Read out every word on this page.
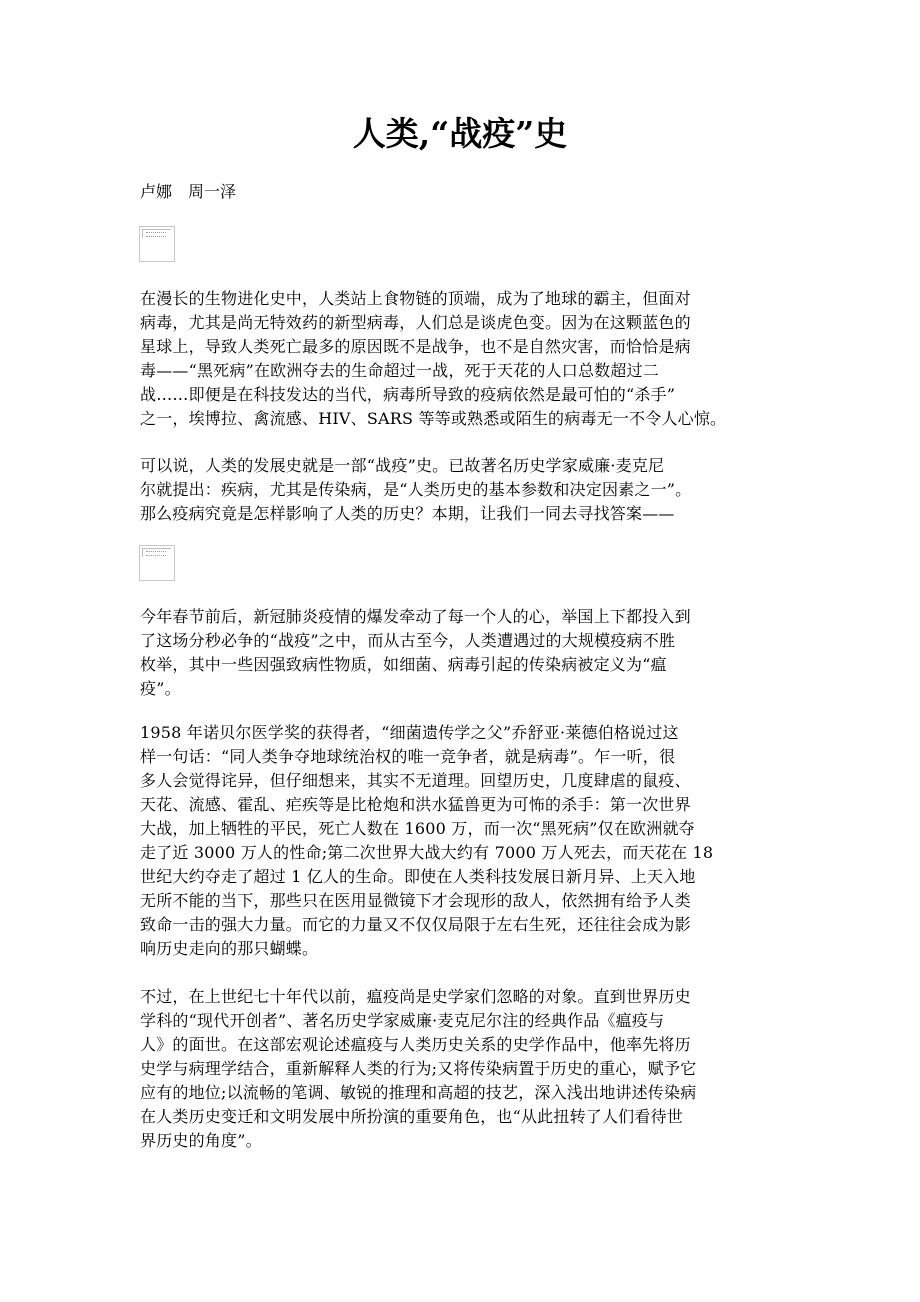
人类,“战疫”史

卢娜　周一泽

在漫长的生物进化史中，人类站上食物链的顶端，成为了地球的霸主，但面对
病毒，尤其是尚无特效药的新型病毒，人们总是谈虎色变。因为在这颗蓝色的
星球上，导致人类死亡最多的原因既不是战争，也不是自然灾害，而恰恰是病
毒——“黑死病”在欧洲夺去的生命超过一战，死于天花的人口总数超过二
战……即便是在科技发达的当代，病毒所导致的疫病依然是最可怕的“杀手”
之一，埃博拉、禽流感、HIV、SARS 等等或熟悉或陌生的病毒无一不令人心惊。
可以说，人类的发展史就是一部“战疫”史。已故著名历史学家威廉·麦克尼
尔就提出：疾病，尤其是传染病，是“人类历史的基本参数和决定因素之一”。
那么疫病究竟是怎样影响了人类的历史？本期，让我们一同去寻找答案——
今年春节前后，新冠肺炎疫情的爆发牵动了每一个人的心，举国上下都投入到
了这场分秒必争的“战疫”之中，而从古至今，人类遭遇过的大规模疫病不胜
枚举，其中一些因强致病性物质，如细菌、病毒引起的传染病被定义为“瘟
疫”。
1958 年诺贝尔医学奖的获得者，“细菌遗传学之父”乔舒亚·莱德伯格说过这
样一句话：“同人类争夺地球统治权的唯一竞争者，就是病毒”。乍一听，很
多人会觉得诧异，但仔细想来，其实不无道理。回望历史，几度肆虐的鼠疫、
天花、流感、霍乱、疟疾等是比枪炮和洪水猛兽更为可怖的杀手：第一次世界
大战，加上牺牲的平民，死亡人数在 1600 万，而一次“黑死病”仅在欧洲就夺
走了近 3000 万人的性命;第二次世界大战大约有 7000 万人死去，而天花在 18
世纪大约夺走了超过 1 亿人的生命。即使在人类科技发展日新月异、上天入地
无所不能的当下，那些只在医用显微镜下才会现形的敌人，依然拥有给予人类
致命一击的强大力量。而它的力量又不仅仅局限于左右生死，还往往会成为影
响历史走向的那只蝴蝶。
不过，在上世纪七十年代以前，瘟疫尚是史学家们忽略的对象。直到世界历史
学科的“现代开创者”、著名历史学家威廉·麦克尼尔注的经典作品《瘟疫与
人》的面世。在这部宏观论述瘟疫与人类历史关系的史学作品中，他率先将历
史学与病理学结合，重新解释人类的行为;又将传染病置于历史的重心，赋予它
应有的地位;以流畅的笔调、敏锐的推理和高超的技艺，深入浅出地讲述传染病
在人类历史变迁和文明发展中所扮演的重要角色，也“从此扭转了人们看待世
界历史的角度”。
